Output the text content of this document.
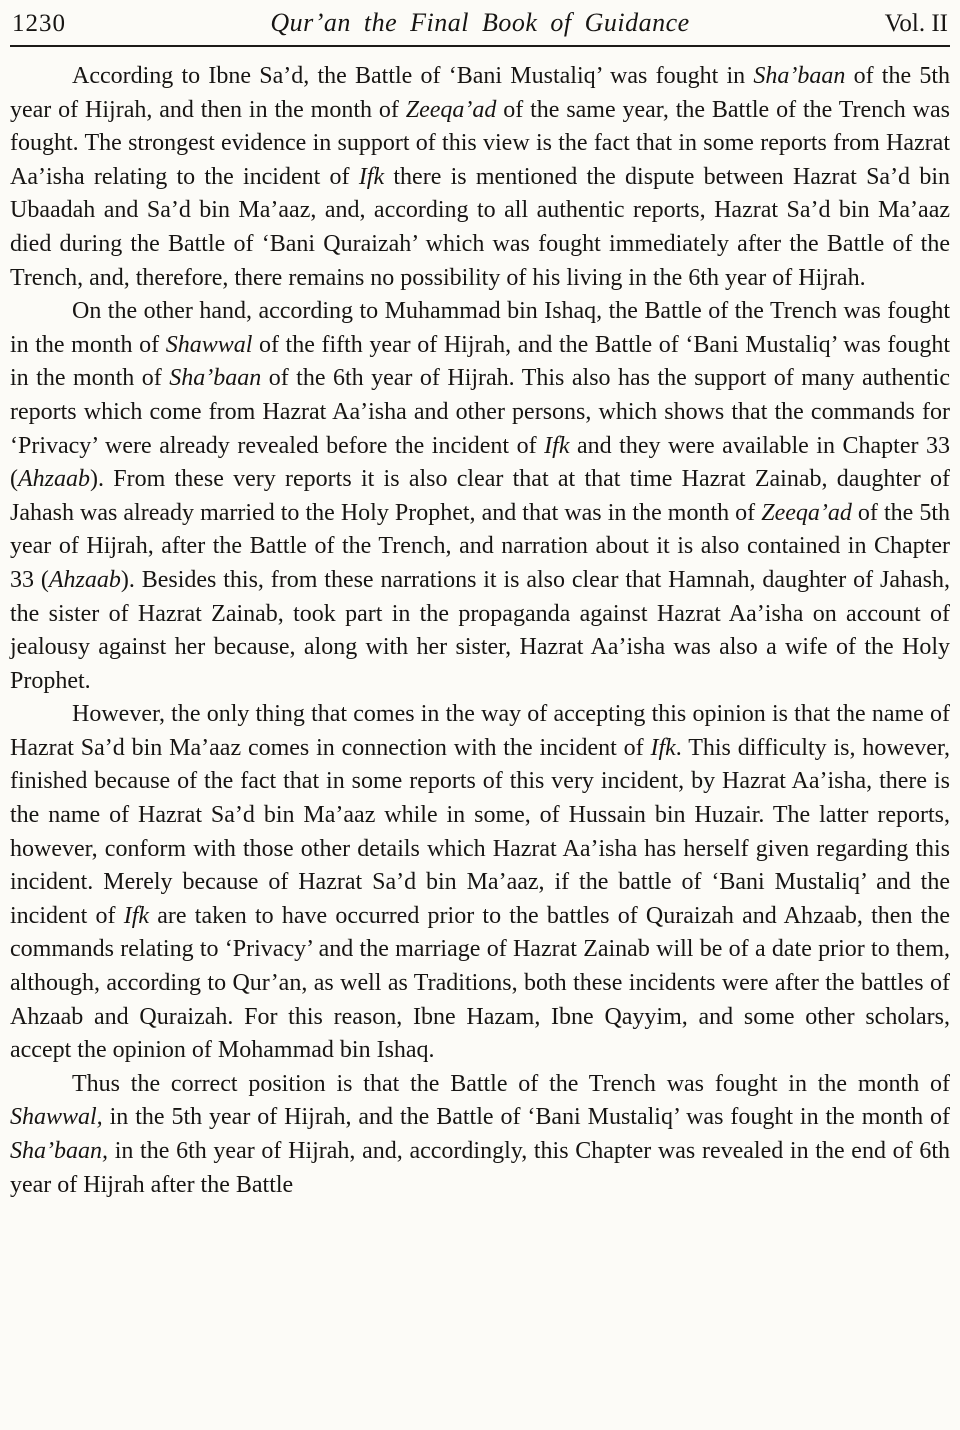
1230	Qur’an the Final Book of Guidance	Vol. II

According to Ibne Sa’d, the Battle of ‘Bani Mustaliq’ was fought in Sha’baan of the 5th year of Hijrah, and then in the month of Zeeqa’ad of the same year, the Battle of the Trench was fought. The strongest evidence in support of this view is the fact that in some reports from Hazrat Aa’isha relating to the incident of Ifk there is mentioned the dispute between Hazrat Sa’d bin Ubaadah and Sa’d bin Ma’aaz, and, according to all authentic reports, Hazrat Sa’d bin Ma’aaz died during the Battle of ‘Bani Quraizah’ which was fought immediately after the Battle of the Trench, and, therefore, there remains no possibility of his living in the 6th year of Hijrah.

On the other hand, according to Muhammad bin Ishaq, the Battle of the Trench was fought in the month of Shawwal of the fifth year of Hijrah, and the Battle of ‘Bani Mustaliq’ was fought in the month of Sha’baan of the 6th year of Hijrah. This also has the support of many authentic reports which come from Hazrat Aa’isha and other persons, which shows that the commands for ‘Privacy’ were already revealed before the incident of Ifk and they were available in Chapter 33 (Ahzaab). From these very reports it is also clear that at that time Hazrat Zainab, daughter of Jahash was already married to the Holy Prophet, and that was in the month of Zeeqa’ad of the 5th year of Hijrah, after the Battle of the Trench, and narration about it is also contained in Chapter 33 (Ahzaab). Besides this, from these narrations it is also clear that Hamnah, daughter of Jahash, the sister of Hazrat Zainab, took part in the propaganda against Hazrat Aa’isha on account of jealousy against her because, along with her sister, Hazrat Aa’isha was also a wife of the Holy Prophet.

However, the only thing that comes in the way of accepting this opinion is that the name of Hazrat Sa’d bin Ma’aaz comes in connection with the incident of Ifk. This difficulty is, however, finished because of the fact that in some reports of this very incident, by Hazrat Aa’isha, there is the name of Hazrat Sa’d bin Ma’aaz while in some, of Hussain bin Huzair. The latter reports, however, conform with those other details which Hazrat Aa’isha has herself given regarding this incident. Merely because of Hazrat Sa’d bin Ma’aaz, if the battle of ‘Bani Mustaliq’ and the incident of Ifk are taken to have occurred prior to the battles of Quraizah and Ahzaab, then the commands relating to ‘Privacy’ and the marriage of Hazrat Zainab will be of a date prior to them, although, according to Qur’an, as well as Traditions, both these incidents were after the battles of Ahzaab and Quraizah. For this reason, Ibne Hazam, Ibne Qayyim, and some other scholars, accept the opinion of Mohammad bin Ishaq.

Thus the correct position is that the Battle of the Trench was fought in the month of Shawwal, in the 5th year of Hijrah, and the Battle of ‘Bani Mustaliq’ was fought in the month of Sha’baan, in the 6th year of Hijrah, and, accordingly, this Chapter was revealed in the end of 6th year of Hijrah after the Battle
